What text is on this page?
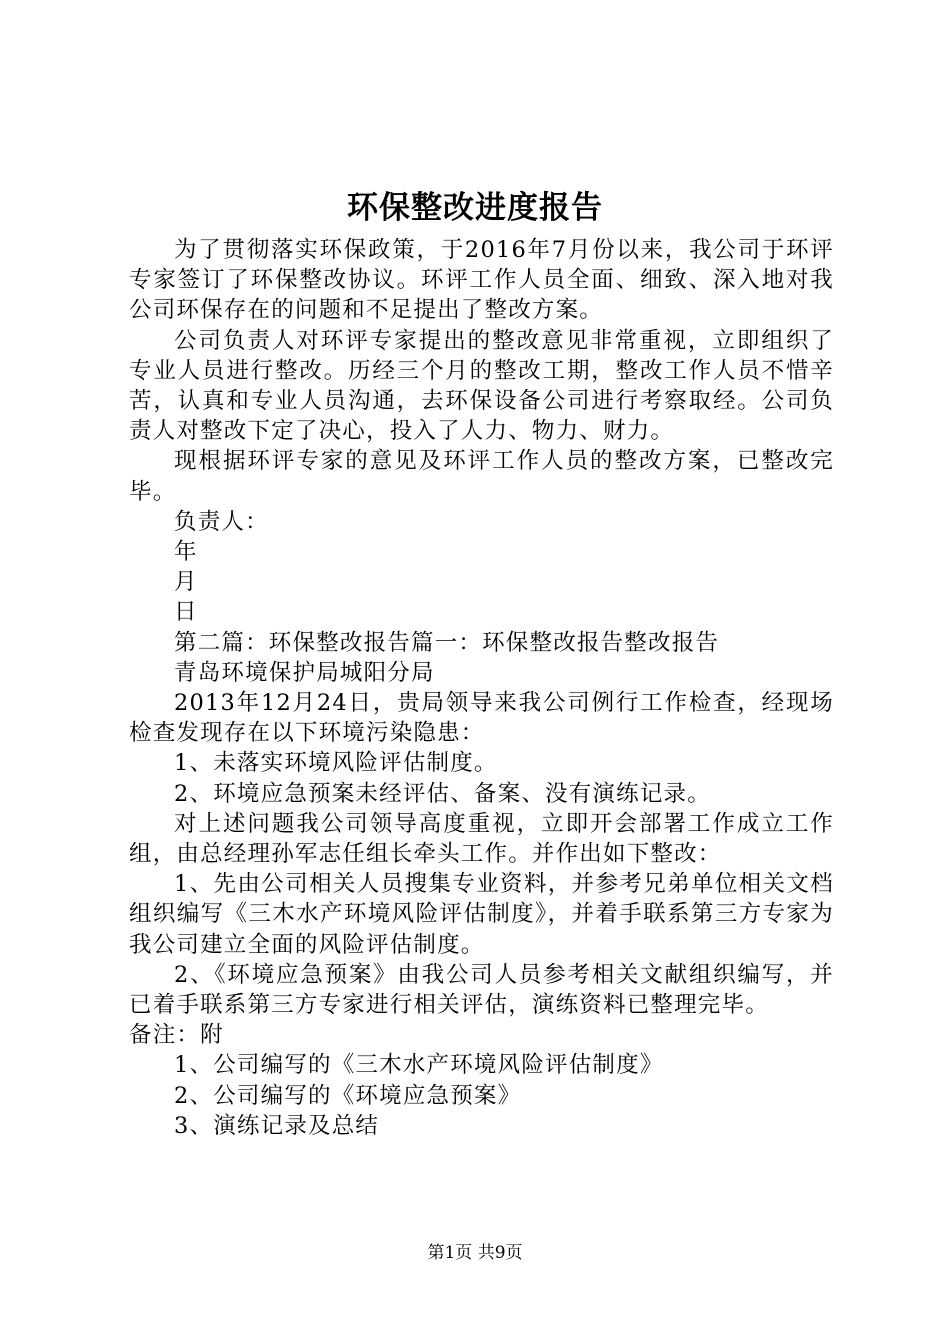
环保整改进度报告

为了贯彻落实环保政策，于2016年7月份以来，我公司于环评专家签订了环保整改协议。环评工作人员全面、细致、深入地对我公司环保存在的问题和不足提出了整改方案。

公司负责人对环评专家提出的整改意见非常重视，立即组织了专业人员进行整改。历经三个月的整改工期，整改工作人员不惜辛苦，认真和专业人员沟通，去环保设备公司进行考察取经。公司负责人对整改下定了决心，投入了人力、物力、财力。

现根据环评专家的意见及环评工作人员的整改方案，已整改完毕。

负责人：

年

月

日

第二篇：环保整改报告篇一：环保整改报告整改报告

青岛环境保护局城阳分局

2013年12月24日，贵局领导来我公司例行工作检查，经现场检查发现存在以下环境污染隐患：

1、未落实环境风险评估制度。

2、环境应急预案未经评估、备案、没有演练记录。

对上述问题我公司领导高度重视，立即开会部署工作成立工作组，由总经理孙军志任组长牵头工作。并作出如下整改：

1、先由公司相关人员搜集专业资料，并参考兄弟单位相关文档组织编写《三木水产环境风险评估制度》，并着手联系第三方专家为我公司建立全面的风险评估制度。

2、《环境应急预案》由我公司人员参考相关文献组织编写，并已着手联系第三方专家进行相关评估，演练资料已整理完毕。

备注：附

1、公司编写的《三木水产环境风险评估制度》

2、公司编写的《环境应急预案》

3、演练记录及总结

第1页 共9页
